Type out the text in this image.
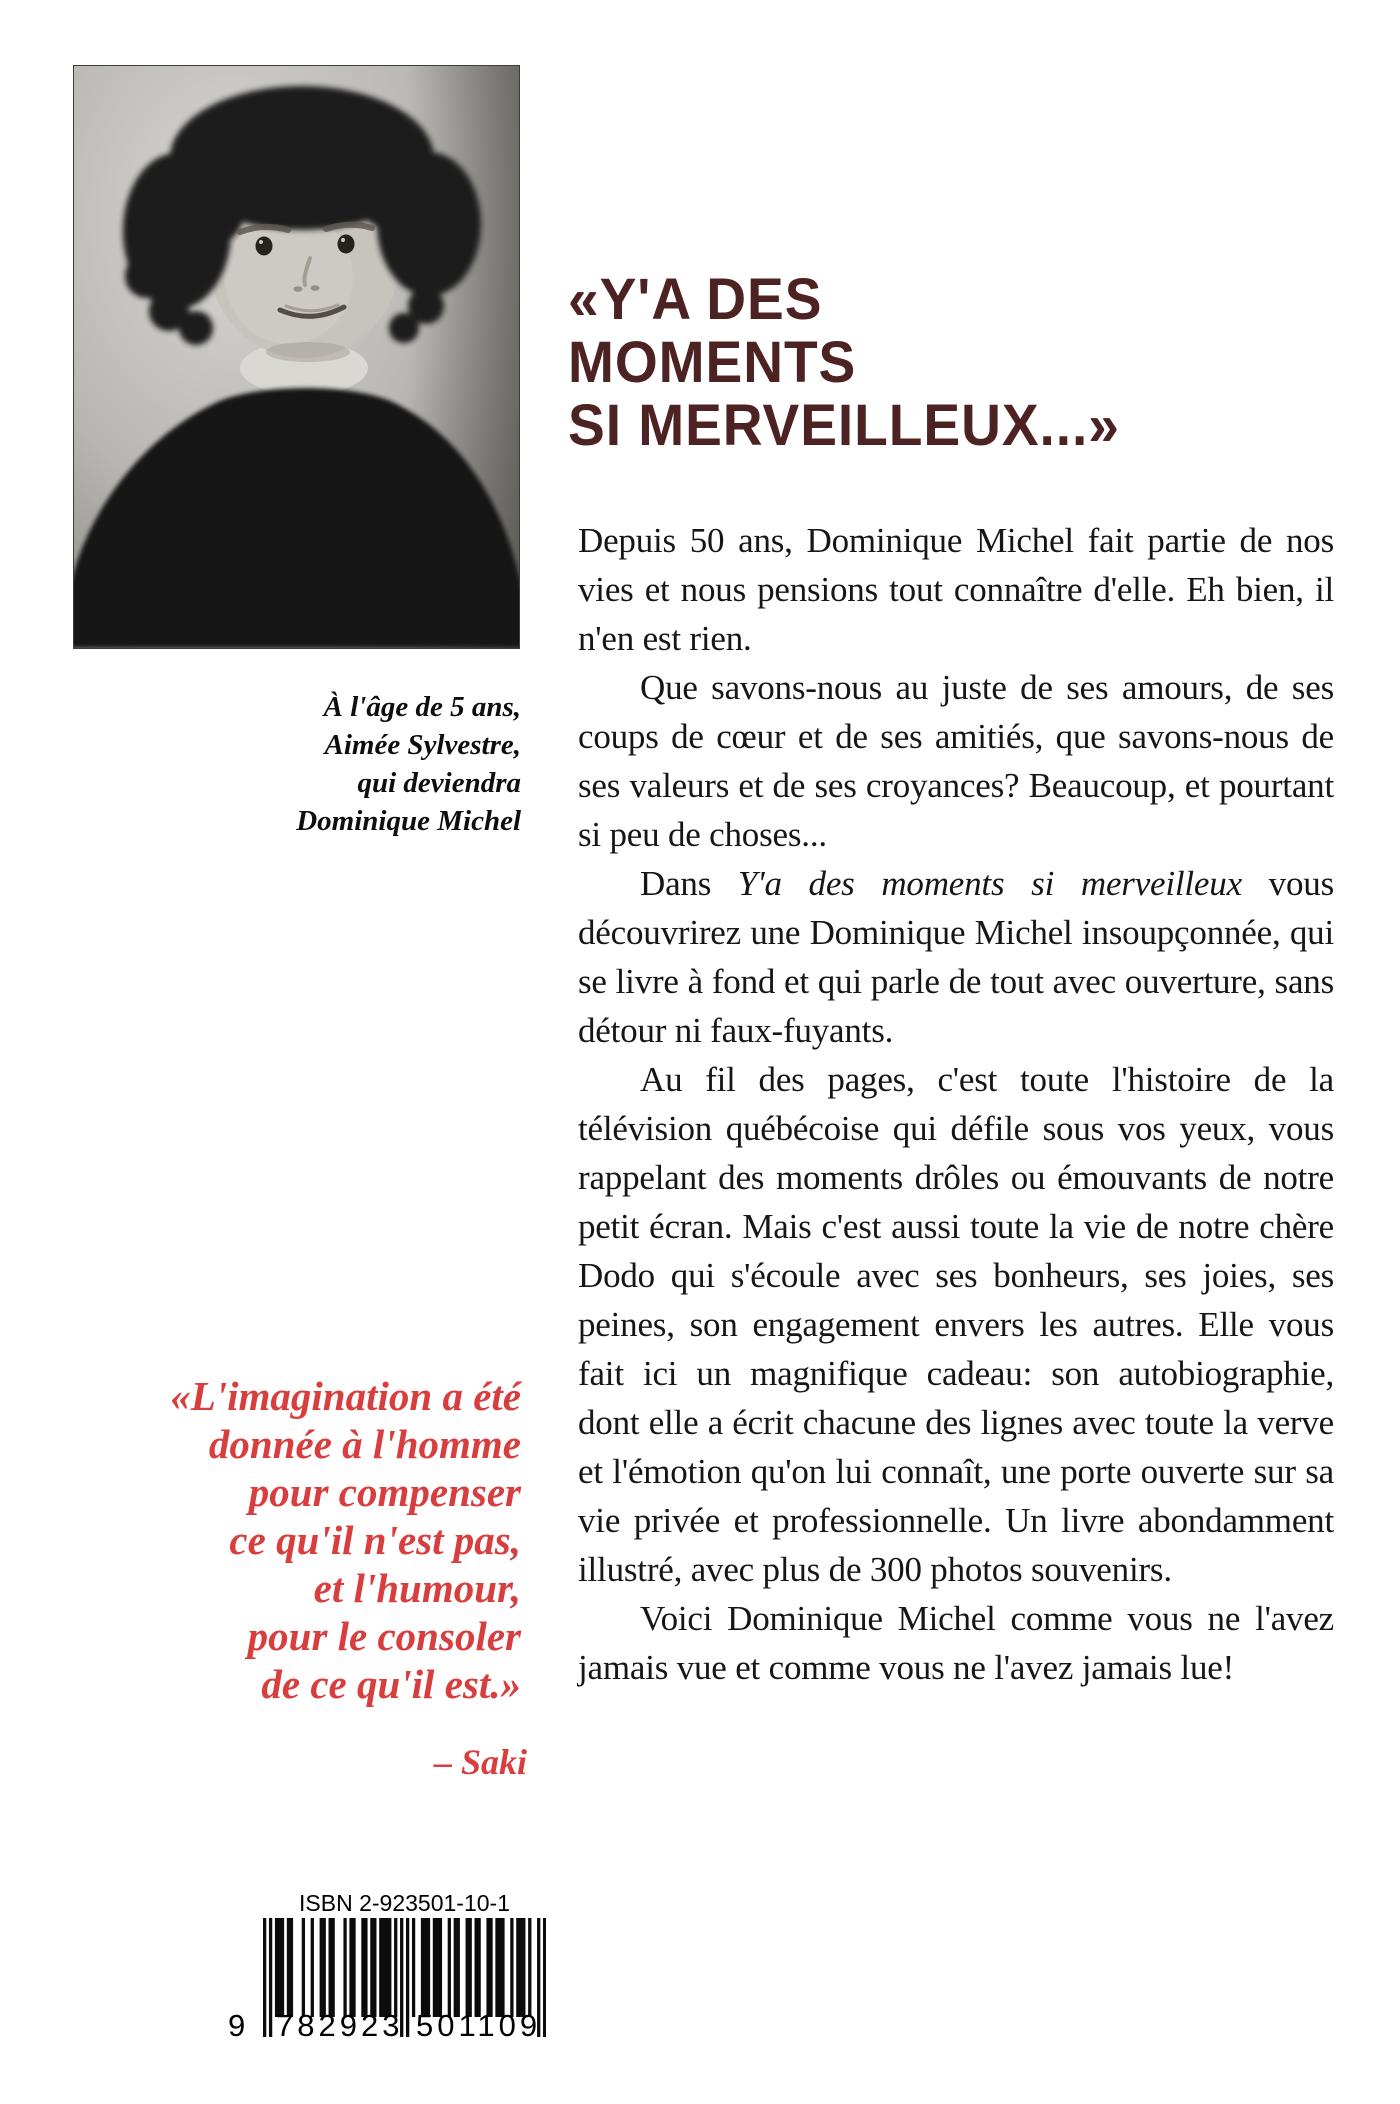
À l'âge de 5 ans,
Aimée Sylvestre,
qui deviendra
Dominique Michel
«Y'A DES
MOMENTS
SI MERVEILLEUX...»

Depuis 50 ans, Dominique Michel fait partie de nos vies et nous pensions tout connaître d'elle. Eh bien, il n'en est rien.

Que savons-nous au juste de ses amours, de ses coups de cœur et de ses amitiés, que savons-nous de ses valeurs et de ses croyances? Beaucoup, et pourtant si peu de choses...

Dans Y'a des moments si merveilleux vous découvrirez une Dominique Michel insoupçonnée, qui se livre à fond et qui parle de tout avec ouverture, sans détour ni faux-fuyants.

Au fil des pages, c'est toute l'histoire de la télévision québécoise qui défile sous vos yeux, vous rappelant des moments drôles ou émouvants de notre petit écran. Mais c'est aussi toute la vie de notre chère Dodo qui s'écoule avec ses bonheurs, ses joies, ses peines, son engagement envers les autres. Elle vous fait ici un magnifique cadeau: son autobiographie, dont elle a écrit chacune des lignes avec toute la verve et l'émotion qu'on lui connaît, une porte ouverte sur sa vie privée et professionnelle. Un livre abondamment illustré, avec plus de 300 photos souvenirs.

Voici Dominique Michel comme vous ne l'avez jamais vue et comme vous ne l'avez jamais lue!

«L'imagination a été
donnée à l'homme
pour compenser
ce qu'il n'est pas,
et l'humour,
pour le consoler
de ce qu'il est.»
– Saki
ISBN 2-923501-10-1
9 782923 501109
